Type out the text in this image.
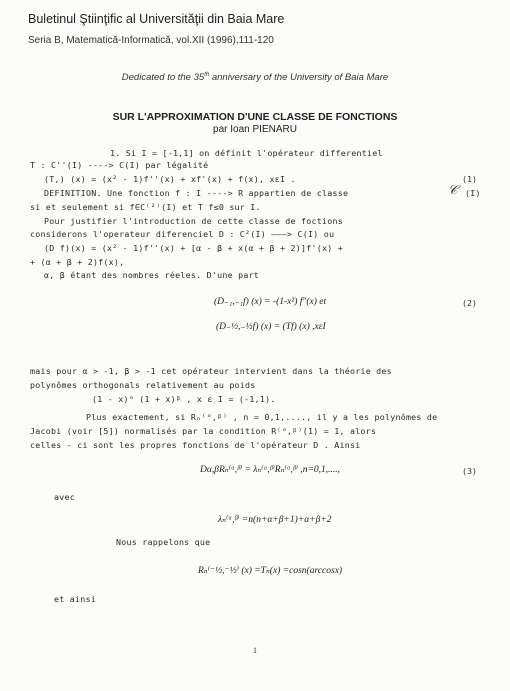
Buletinul Ştiinţific al Universităţii din Baia Mare
Seria B, Matematică-Informatică, vol.XII (1996),111-120
Dedicated to the 35th anniversary of the University of Baia Mare
SUR L'APPROXIMATION D'UNE CLASSE DE FONCTIONS
par Ioan PIENARU
1. Si I = [-1,1] on défínit l'opérateur differentiel
T : C''(I) ----> C(I) par légalité
(T,) (x) = (x² - 1)f''(x) + xf'(x) + f(x), xεI .	(1)
DEFINITION. Une fonction f : I ----> R appartien de classe	𝒞 (I)
si et seulement si f∈C⁽²⁾(I) et T f≤0 sur I.
Pour justifier l'introduction de cette classe de foctions
considerons l'operateur diferenciel D : C²(I) ———> C(I) ou
(D f)(x) = (x² - 1)f''(x) + [α - β + x(α + β + 2)]f'(x) +
+ (α + β + 2)f(x),
α, β étant des nombres réeles. D'une part
(D₋₁,₋₁f) (x) = -(1-x²) f″(x) et	(2)
(D₋½,₋½f) (x) = (Tf) (x) ,xεI
mais pour α > -1, β > -1 cet opérateur intervient dans la théorie des
polynômes orthogonals relativement au poids
(1 - x)ᵅ (1 + x)ᵝ , x ε I = (-1,1).
Plus exactement, si Rₙ⁽ᵅ,ᵝ⁾ , n = 0,1,...., il y a les polynômes de
Jacobi (voir [5]) normalisés par la condition R⁽ᵅ,ᵝ⁾(1) = 1, alors
celles - ci sont les propres fonctions de l'opérateur D . Ainsi
Dα,βRₙ⁽ᵅ,ᵝ⁾ = λₙ⁽ᵅ,ᵝ⁾Rₙ⁽ᵅ,ᵝ⁾ ,n=0,1,....,	(3)
avec
λₙ⁽ᵅ,ᵝ⁾ =n(n+α+β+1)+α+β+2
Nous rappelons que
Rₙ⁽⁻½,⁻½⁾ (x) =Tₙ(x) =cosn(arccosx)
et ainsi
1
